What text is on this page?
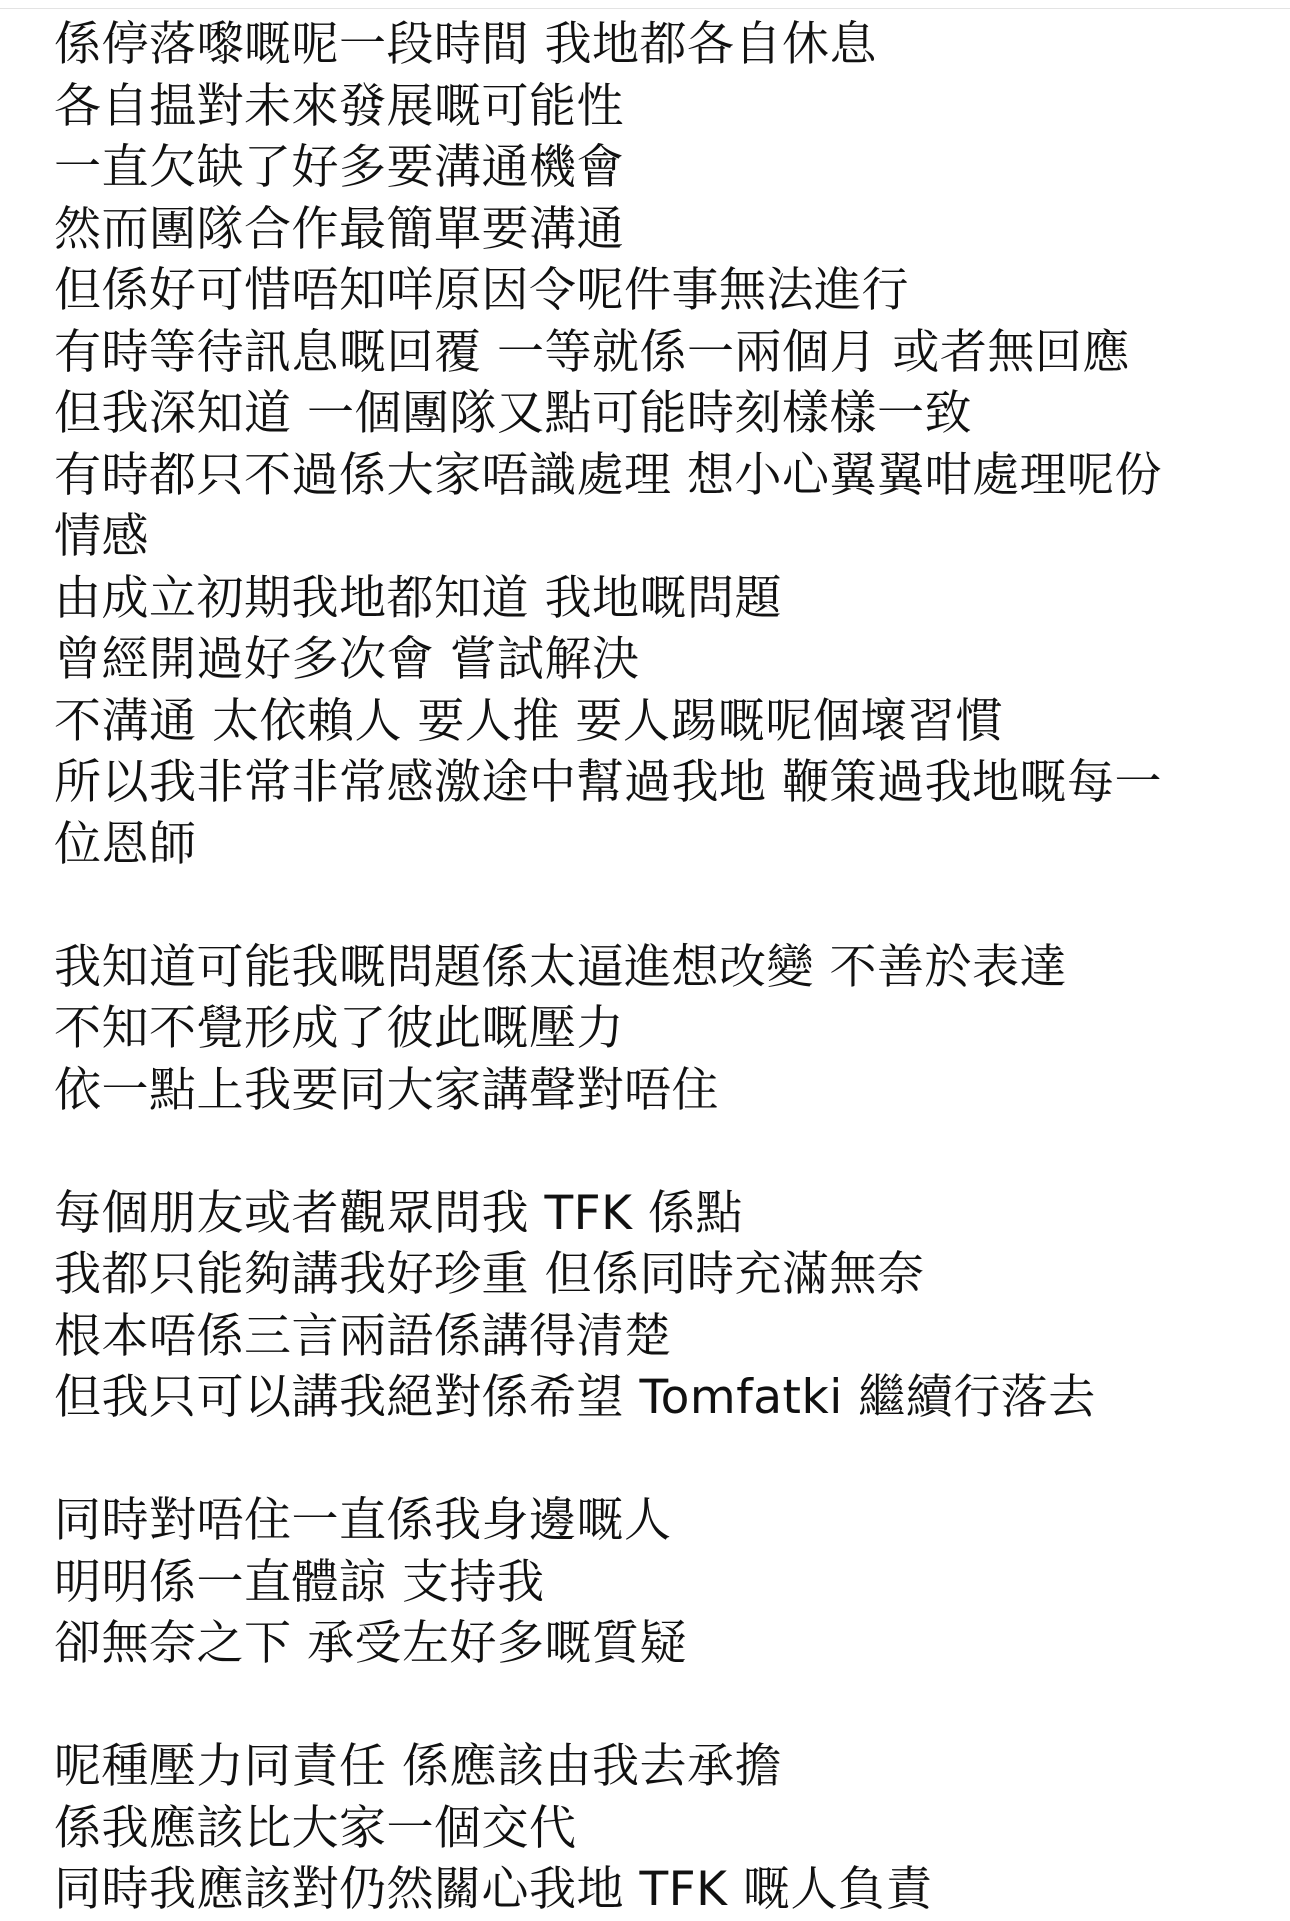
係停落嚟嘅呢一段時間 我地都各自休息
各自揾對未來發展嘅可能性
一直欠缺了好多要溝通機會
然而團隊合作最簡單要溝通
但係好可惜唔知咩原因令呢件事無法進行
有時等待訊息嘅回覆 一等就係一兩個月 或者無回應
但我深知道 一個團隊又點可能時刻樣樣一致
有時都只不過係大家唔識處理 想小心翼翼咁處理呢份
情感
由成立初期我地都知道 我地嘅問題
曾經開過好多次會 嘗試解決
不溝通 太依賴人 要人推 要人踢嘅呢個壞習慣
所以我非常非常感激途中幫過我地 鞭策過我地嘅每一
位恩師
我知道可能我嘅問題係太逼進想改變 不善於表達
不知不覺形成了彼此嘅壓力
依一點上我要同大家講聲對唔住
每個朋友或者觀眾問我 TFK 係點
我都只能夠講我好珍重 但係同時充滿無奈
根本唔係三言兩語係講得清楚
但我只可以講我絕對係希望 Tomfatki 繼續行落去
同時對唔住一直係我身邊嘅人
明明係一直體諒 支持我
卻無奈之下 承受左好多嘅質疑
呢種壓力同責任 係應該由我去承擔
係我應該比大家一個交代
同時我應該對仍然關心我地 TFK 嘅人負責
